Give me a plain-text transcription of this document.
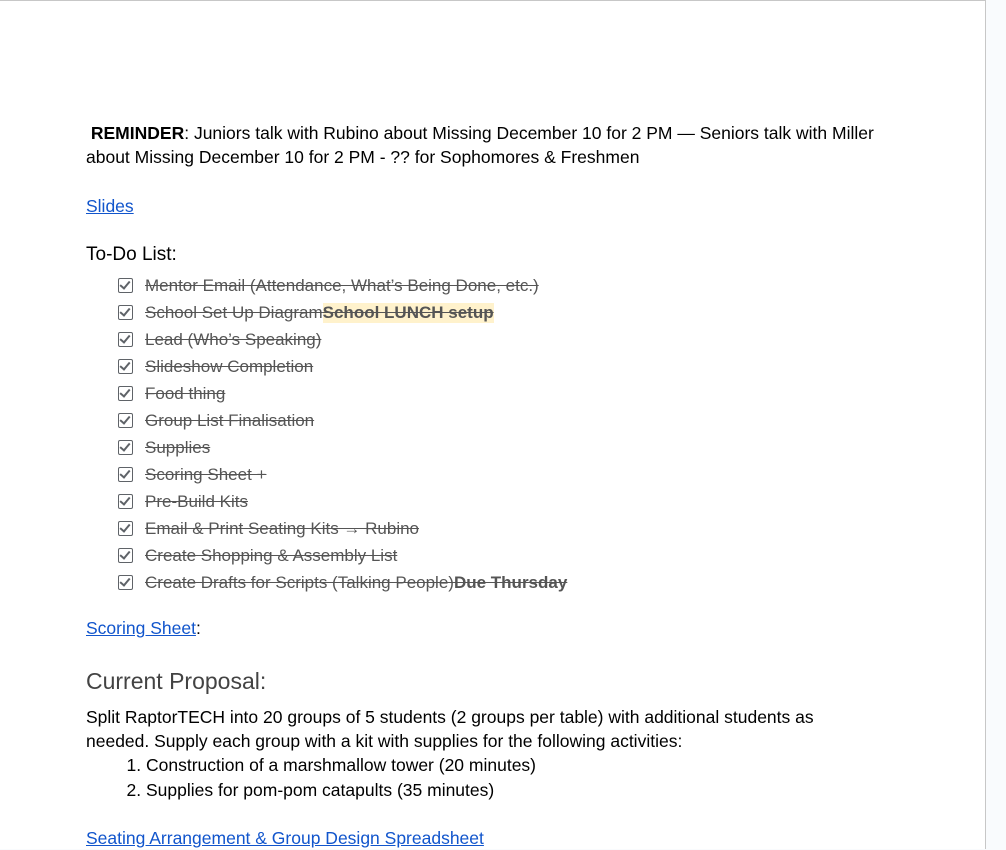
REMINDER: Juniors talk with Rubino about Missing December 10 for 2 PM — Seniors talk with Miller about Missing December 10 for 2 PM - ?? for Sophomores & Freshmen
Slides
To-Do List:
Mentor Email (Attendance, What’s Being Done, etc.)
School Set Up Diagram School LUNCH setup
Lead (Who’s Speaking)
Slideshow Completion
Food thing
Group List Finalisation
Supplies
Scoring Sheet +
Pre-Build Kits
Email & Print Seating Kits → Rubino
Create Shopping & Assembly List
Create Drafts for Scripts (Talking People) Due Thursday
Scoring Sheet:
Current Proposal:
Split RaptorTECH into 20 groups of 5 students (2 groups per table) with additional students as needed. Supply each group with a kit with supplies for the following activities:
1. Construction of a marshmallow tower (20 minutes)
2. Supplies for pom-pom catapults (35 minutes)
Seating Arrangement & Group Design Spreadsheet
